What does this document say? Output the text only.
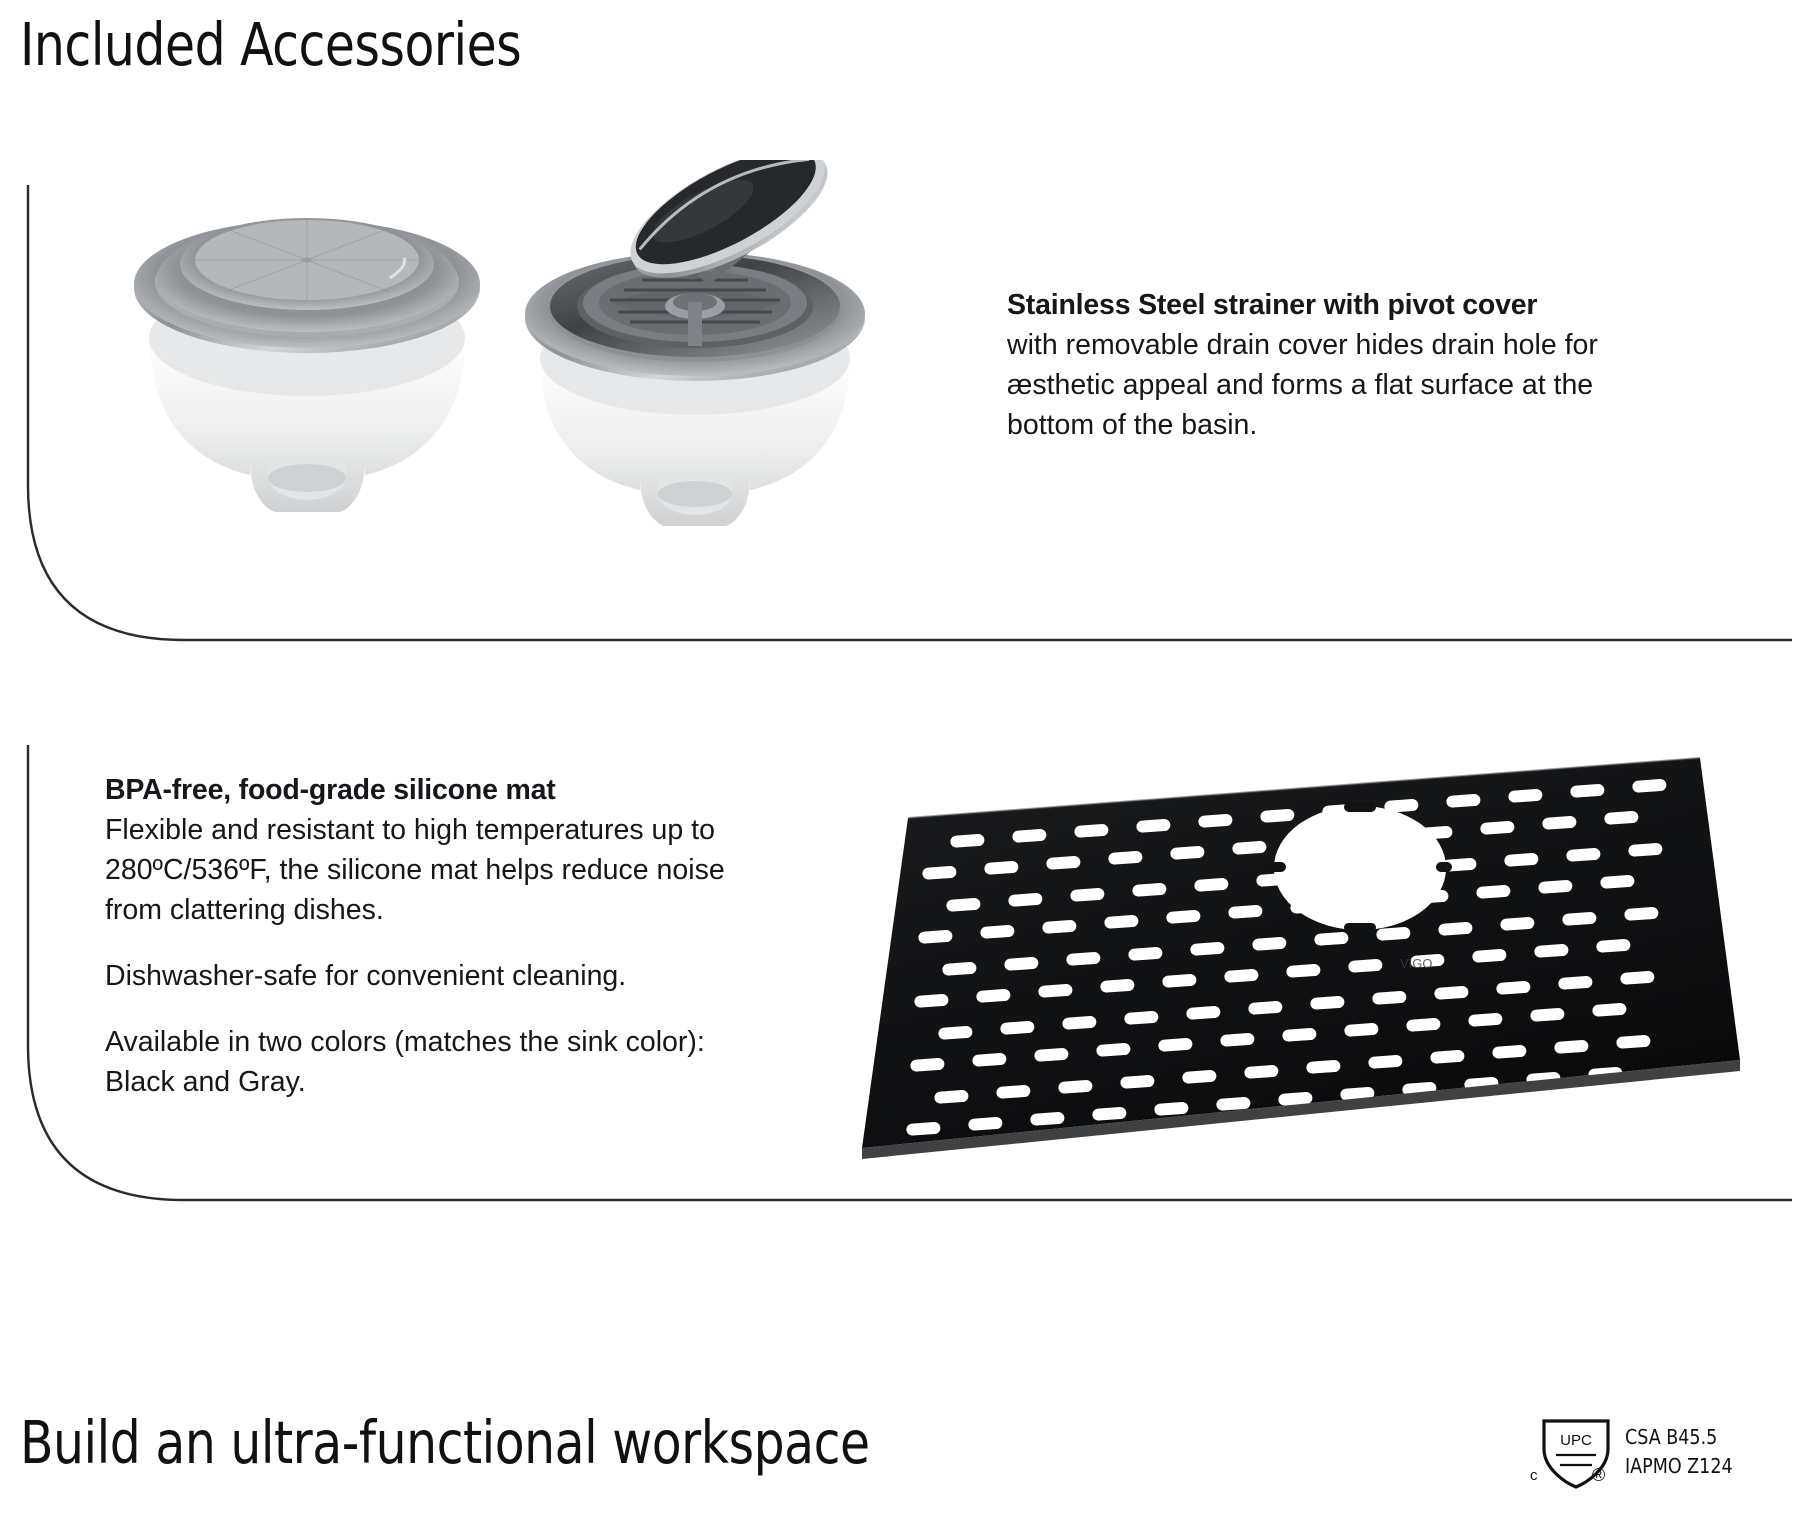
Included Accessories
Stainless Steel strainer with pivot cover
with removable drain cover hides drain hole for æsthetic appeal and forms a flat surface at the bottom of the basin.
BPA-free, food-grade silicone mat

Flexible and resistant to high temperatures up to 280ºC/536ºF, the silicone mat helps reduce noise from clattering dishes.

Dishwasher-safe for convenient cleaning.

Available in two colors (matches the sink color): Black and Gray.

VIGO
Build an ultra-functional workspace	UPC
c	®
CSA B45.5
IAPMO Z124
